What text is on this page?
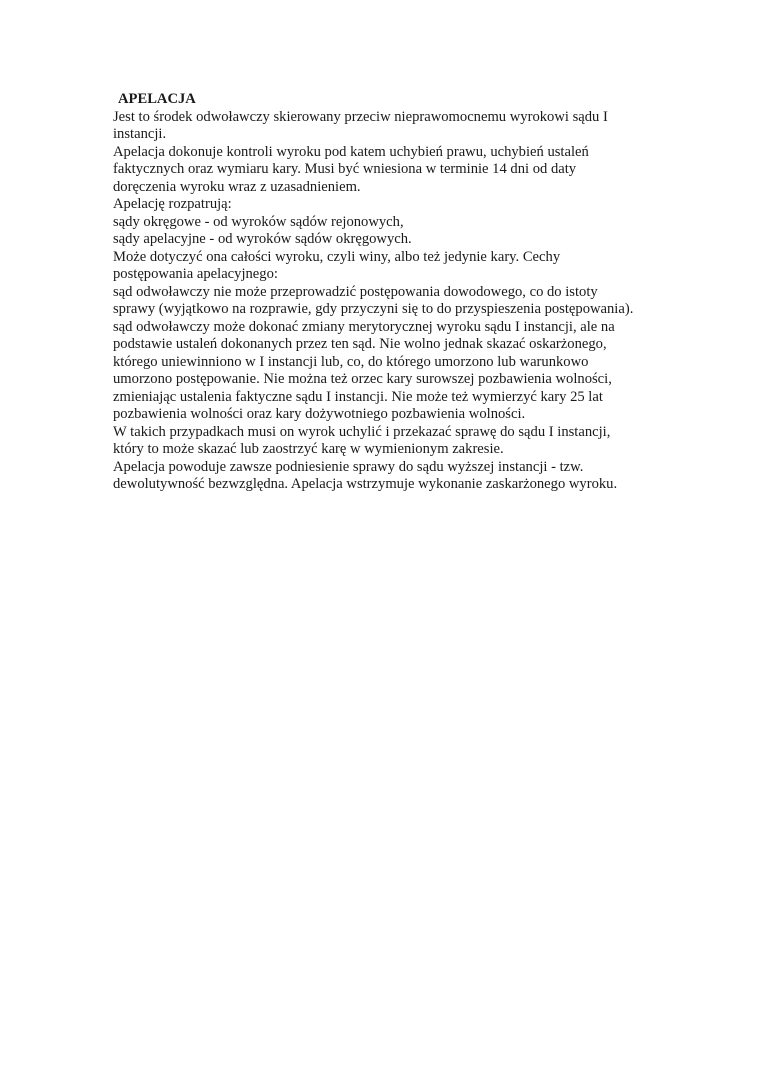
APELACJA
Jest to środek odwoławczy skierowany przeciw nieprawomocnemu wyrokowi sądu I
instancji.
Apelacja dokonuje kontroli wyroku pod katem uchybień prawu, uchybień ustaleń
faktycznych oraz wymiaru kary. Musi być wniesiona w terminie 14 dni od daty
doręczenia wyroku wraz z uzasadnieniem.
Apelację rozpatrują:
sądy okręgowe - od wyroków sądów rejonowych,
sądy apelacyjne - od wyroków sądów okręgowych.
Może dotyczyć ona całości wyroku, czyli winy, albo też jedynie kary. Cechy
postępowania apelacyjnego:
sąd odwoławczy nie może przeprowadzić postępowania dowodowego, co do istoty
sprawy (wyjątkowo na rozprawie, gdy przyczyni się to do przyspieszenia postępowania).
sąd odwoławczy może dokonać zmiany merytorycznej wyroku sądu I instancji, ale na
podstawie ustaleń dokonanych przez ten sąd. Nie wolno jednak skazać oskarżonego,
którego uniewinniono w I instancji lub, co, do którego umorzono lub warunkowo
umorzono postępowanie. Nie można też orzec kary surowszej pozbawienia wolności,
zmieniając ustalenia faktyczne sądu I instancji. Nie może też wymierzyć kary 25 lat
pozbawienia wolności oraz kary dożywotniego pozbawienia wolności.
W takich przypadkach musi on wyrok uchylić i przekazać sprawę do sądu I instancji,
który to może skazać lub zaostrzyć karę w wymienionym zakresie.
Apelacja powoduje zawsze podniesienie sprawy do sądu wyższej instancji - tzw.
dewolutywność bezwzględna. Apelacja wstrzymuje wykonanie zaskarżonego wyroku.
